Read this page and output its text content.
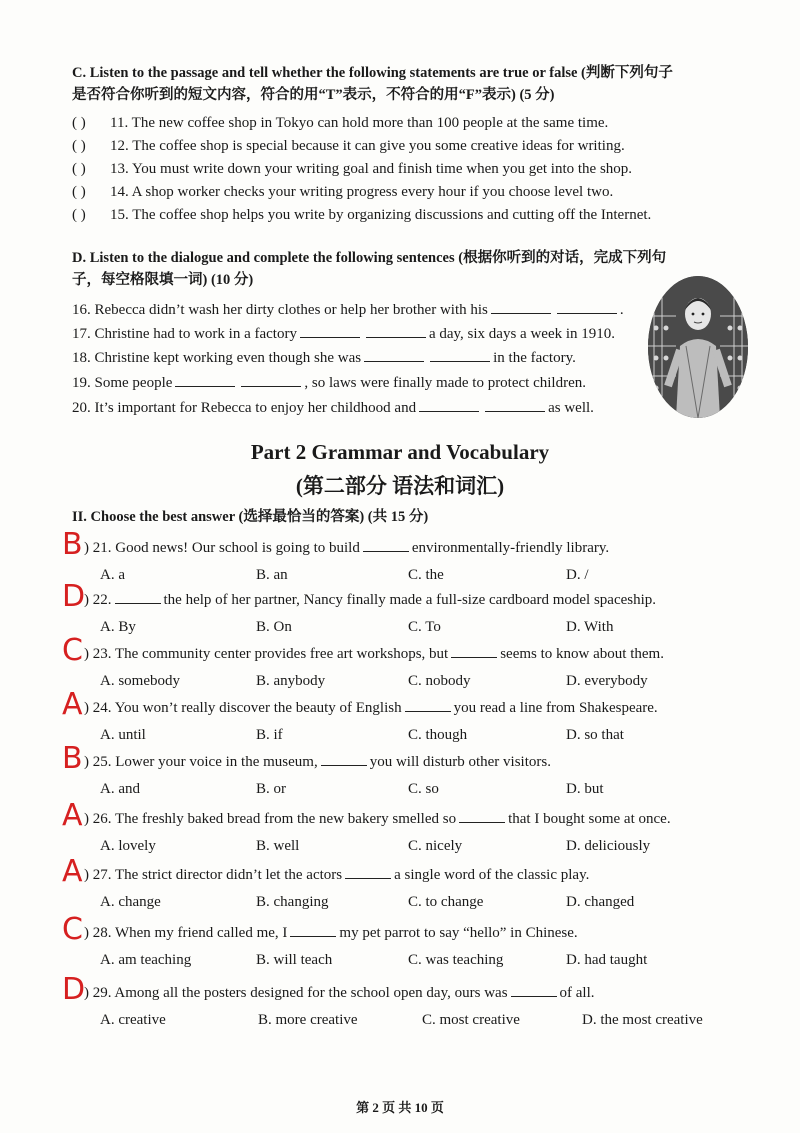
C. Listen to the passage and tell whether the following statements are true or false (判断下列句子
是否符合你听到的短文内容，符合的用“T”表示，不符合的用“F”表示) (5 分)
( ) 11. The new coffee shop in Tokyo can hold more than 100 people at the same time.
( ) 12. The coffee shop is special because it can give you some creative ideas for writing.
( ) 13. You must write down your writing goal and finish time when you get into the shop.
( ) 14. A shop worker checks your writing progress every hour if you choose level two.
( ) 15. The coffee shop helps you write by organizing discussions and cutting off the Internet.
D. Listen to the dialogue and complete the following sentences (根据你听到的对话，完成下列句
子，每空格限填一词) (10 分)
16. Rebecca didn’t wash her dirty clothes or help her brother with his	.
17. Christine had to work in a factory	a day, six days a week in 1910.
18. Christine kept working even though she was	in the factory.
19. Some people	, so laws were finally made to protect children.
20. It’s important for Rebecca to enjoy her childhood and	as well.
Part 2 Grammar and Vocabulary
(第二部分 语法和词汇)
II. Choose the best answer (选择最恰当的答案) (共 15 分)
) 21. Good news! Our school is going to build	environmentally-friendly library.
B
A. a	B. an	C. the	D. /
) 22.	the help of her partner, Nancy finally made a full-size cardboard model spaceship.
D
A. By	B. On	C. To	D. With
) 23. The community center provides free art workshops, but	seems to know about them.
C
A. somebody	B. anybody	C. nobody	D. everybody
) 24. You won’t really discover the beauty of English	you read a line from Shakespeare.
A
A. until	B. if	C. though	D. so that
) 25. Lower your voice in the museum,	you will disturb other visitors.
B
A. and	B. or	C. so	D. but
) 26. The freshly baked bread from the new bakery smelled so	that I bought some at once.
A
A. lovely	B. well	C. nicely	D. deliciously
) 27. The strict director didn’t let the actors	a single word of the classic play.
A
A. change	B. changing	C. to change	D. changed
) 28. When my friend called me, I	my pet parrot to say “hello” in Chinese.
C
A. am teaching	B. will teach	C. was teaching	D. had taught
) 29. Among all the posters designed for the school open day, ours was	of all.
D
A. creative	B. more creative	C. most creative	D. the most creative
第 2 页 共 10 页
